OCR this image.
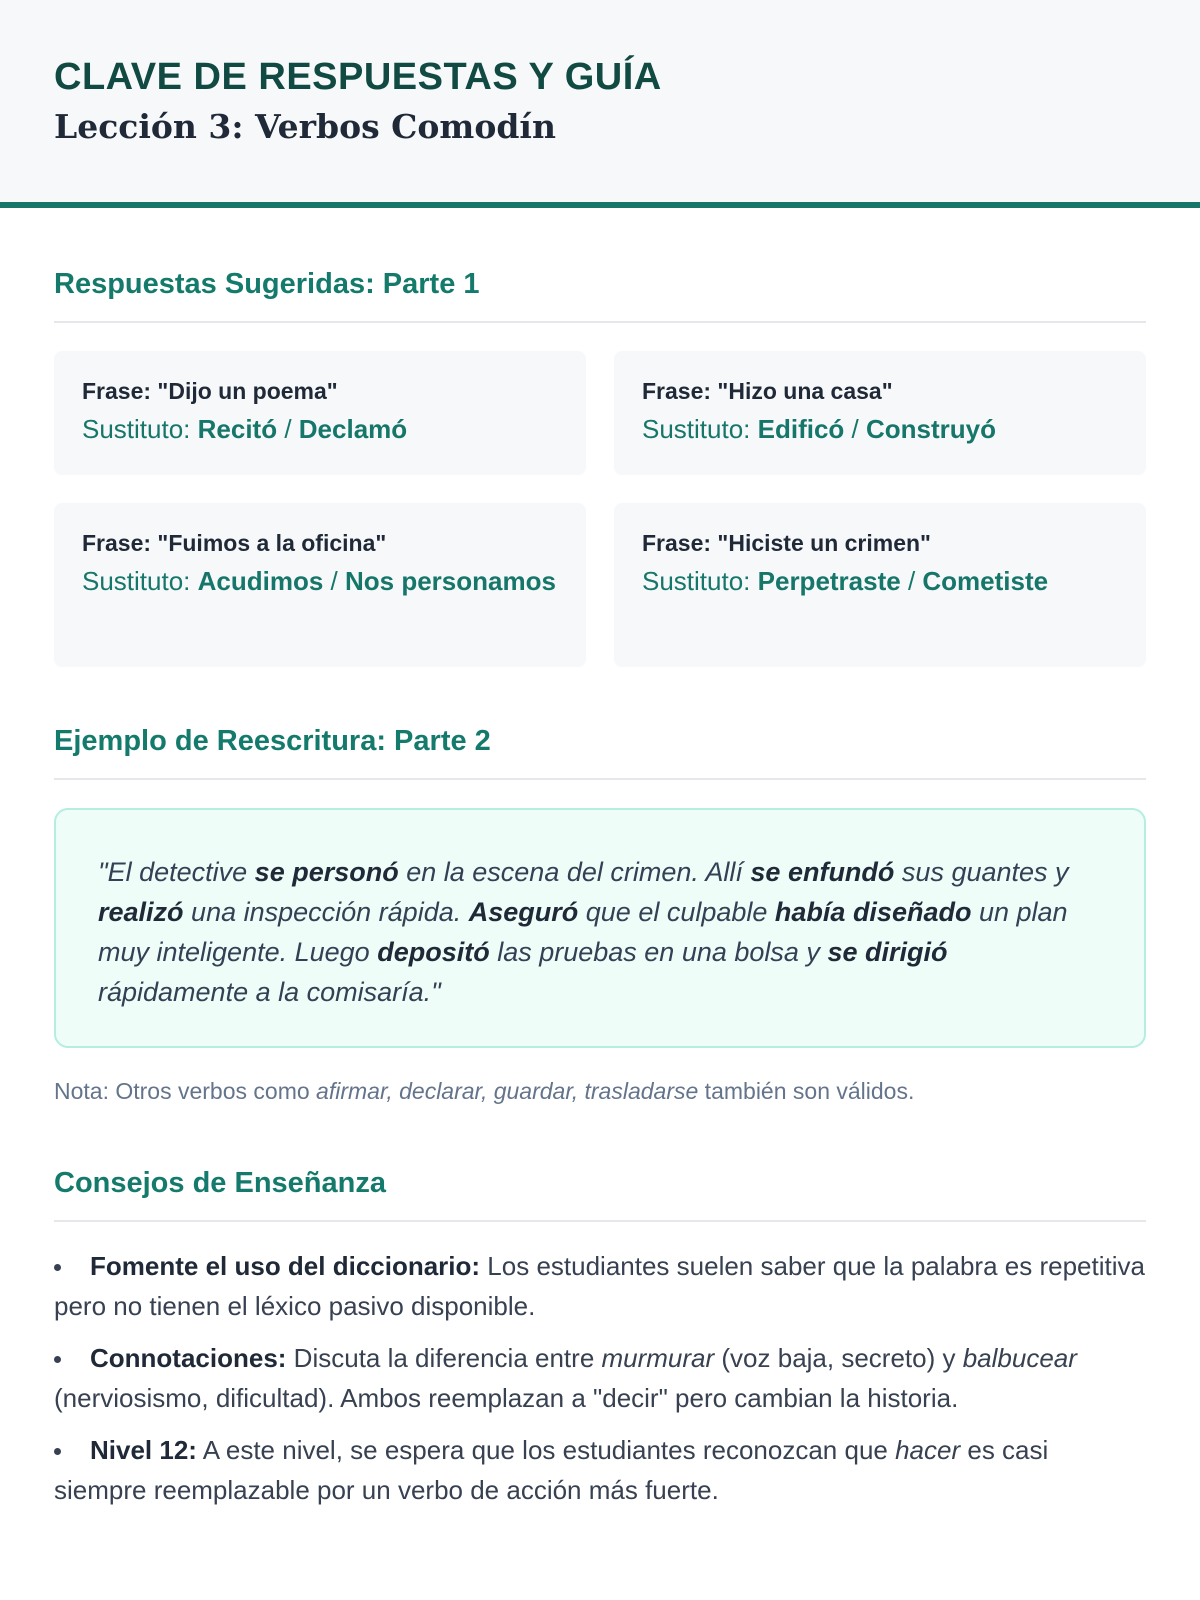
CLAVE DE RESPUESTAS Y GUÍA
Lección 3: Verbos Comodín
Respuestas Sugeridas: Parte 1
Frase: "Dijo un poema"
Sustituto: Recitó / Declamó
Frase: "Hizo una casa"
Sustituto: Edificó / Construyó
Frase: "Fuimos a la oficina"
Sustituto: Acudimos / Nos personamos
Frase: "Hiciste un crimen"
Sustituto: Perpetraste / Cometiste
Ejemplo de Reescritura: Parte 2

"El detective se personó en la escena del crimen. Allí se enfundó sus guantes y realizó una inspección rápida. Aseguró que el culpable había diseñado un plan muy inteligente. Luego depositó las pruebas en una bolsa y se dirigió rápidamente a la comisaría."

Nota: Otros verbos como afirmar, declarar, guardar, trasladarse también son válidos.

Consejos de Enseñanza
Fomente el uso del diccionario: Los estudiantes suelen saber que la palabra es repetitiva pero no tienen el léxico pasivo disponible.
Connotaciones: Discuta la diferencia entre murmurar (voz baja, secreto) y balbucear (nerviosismo, dificultad). Ambos reemplazan a "decir" pero cambian la historia.
Nivel 12: A este nivel, se espera que los estudiantes reconozcan que hacer es casi siempre reemplazable por un verbo de acción más fuerte.
